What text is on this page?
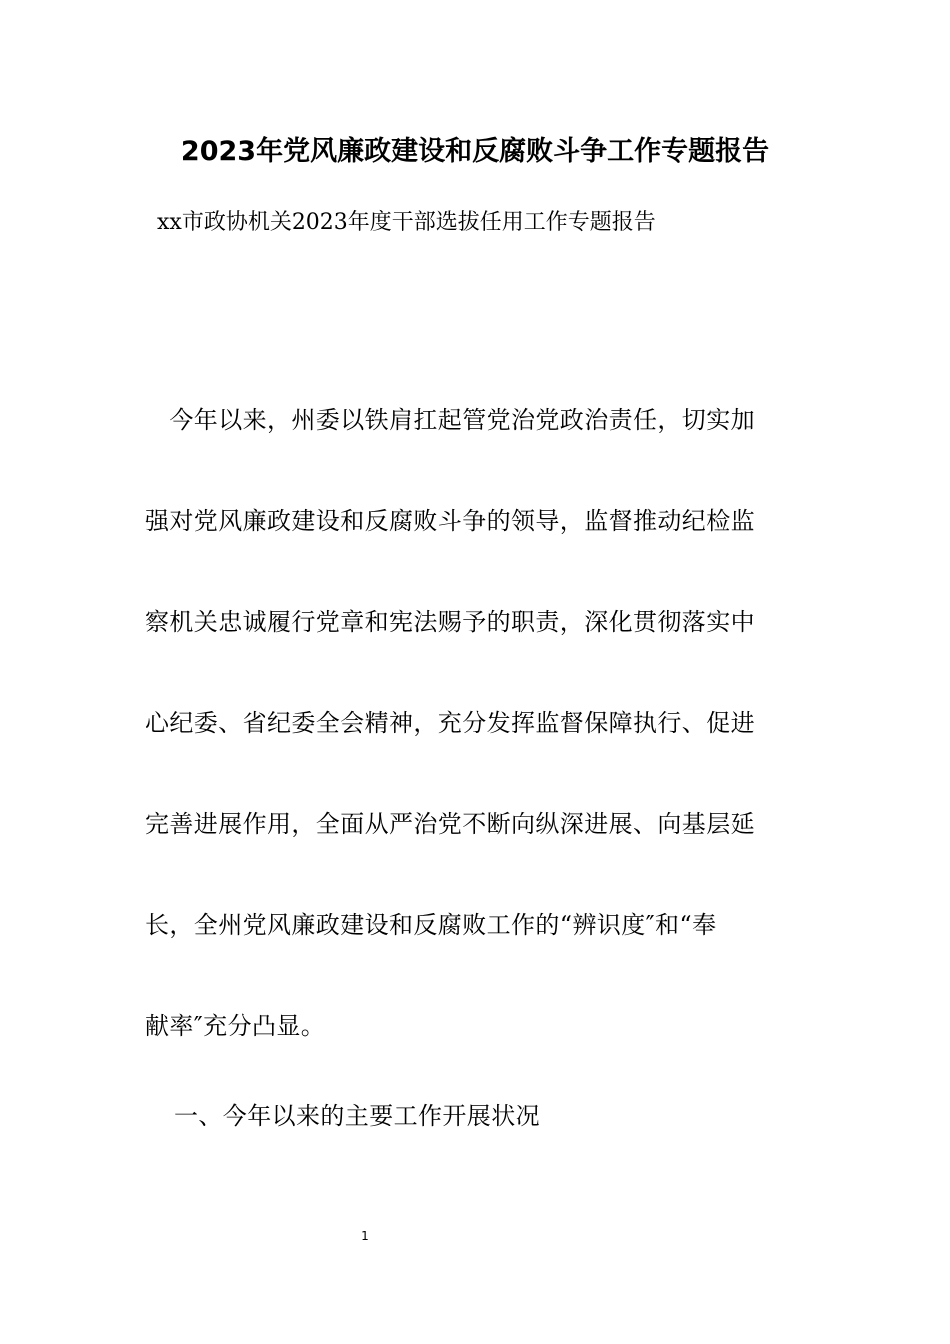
2023年党风廉政建设和反腐败斗争工作专题报告
xx市政协机关2023年度干部选拔任用工作专题报告
　今年以来，州委以铁肩扛起管党治党政治责任，切实加
强对党风廉政建设和反腐败斗争的领导，监督推动纪检监
察机关忠诚履行党章和宪法赐予的职责，深化贯彻落实中
心纪委、省纪委全会精神，充分发挥监督保障执行、促进
完善进展作用，全面从严治党不断向纵深进展、向基层延
长，全州党风廉政建设和反腐败工作的“辨识度″和“奉
献率″充分凸显。
一、今年以来的主要工作开展状况
1
